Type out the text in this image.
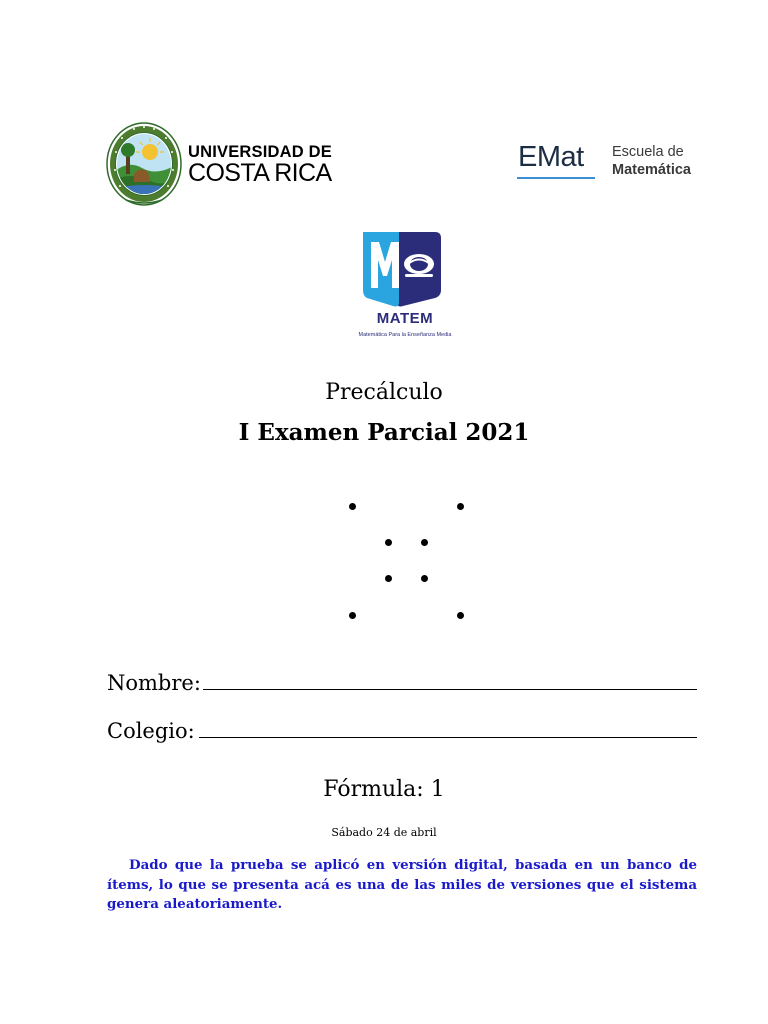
UNIVERSIDAD DE
COSTA RICA	EMat Escuela de
Matemática
MATEM
Matemática Para la Enseñanza Media
Precálculo
I Examen Parcial 2021
Nombre:
Colegio:
Fórmula: 1
Sábado 24 de abril
Dado que la prueba se aplicó en versión digital, basada en un banco de ítems, lo que se presenta acá es una de las miles de versiones que el sistema genera aleatoriamente.
